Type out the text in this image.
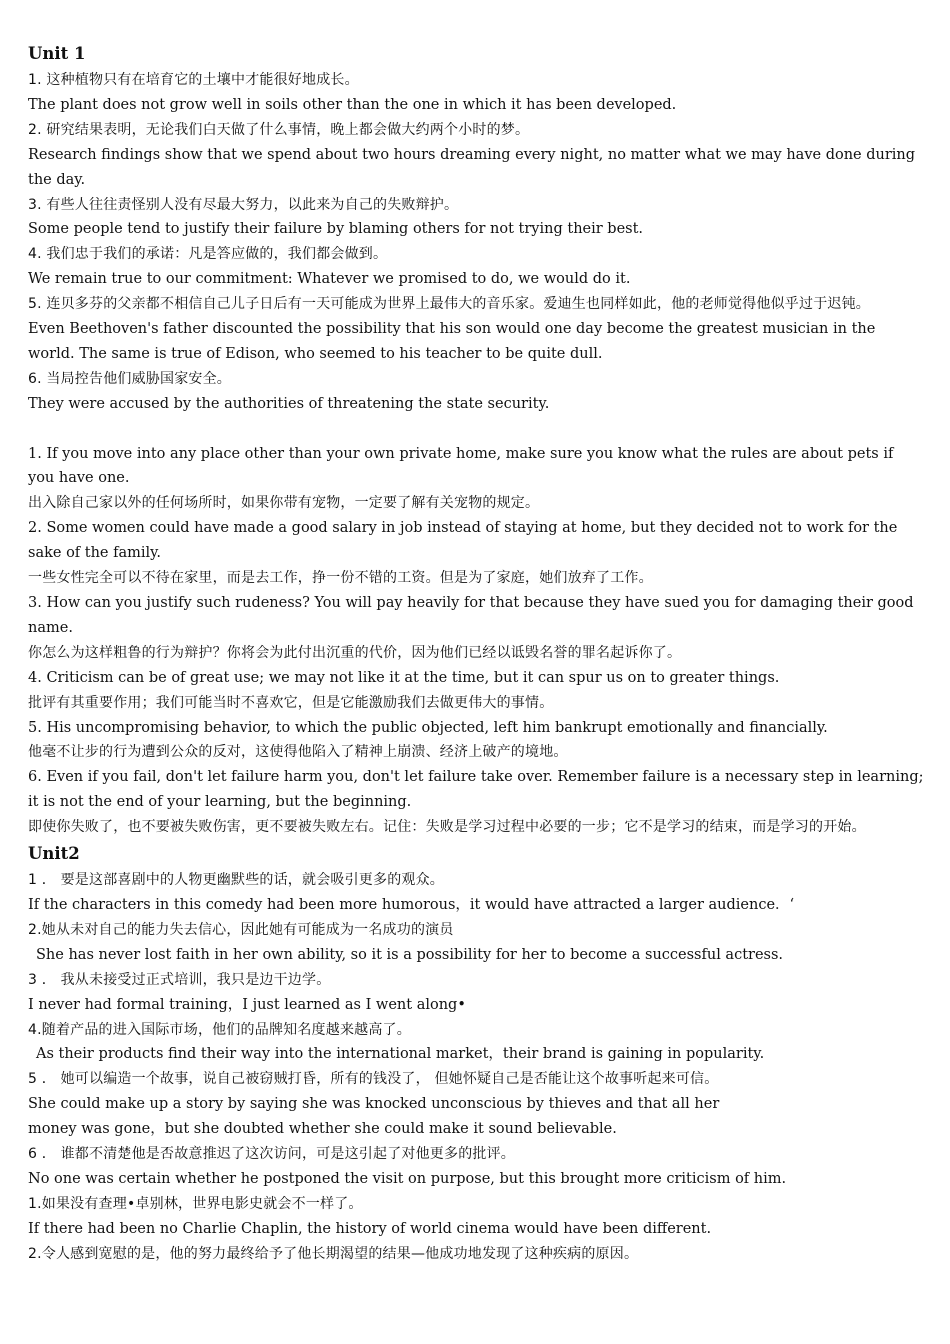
Unit 1

1. 这种植物只有在培育它的土壤中才能很好地成长。

The plant does not grow well in soils other than the one in which it has been developed.

2. 研究结果表明，无论我们白天做了什么事情，晚上都会做大约两个小时的梦。

Research findings show that we spend about two hours dreaming every night, no matter what we may have done during the day.

3. 有些人往往责怪别人没有尽最大努力，以此来为自己的失败辩护。

Some people tend to justify their failure by blaming others for not trying their best.

4. 我们忠于我们的承诺：凡是答应做的，我们都会做到。

We remain true to our commitment: Whatever we promised to do, we would do it.

5. 连贝多芬的父亲都不相信自己儿子日后有一天可能成为世界上最伟大的音乐家。爱迪生也同样如此，他的老师觉得他似乎过于迟钝。

Even Beethoven's father discounted the possibility that his son would one day become the greatest musician in the world. The same is true of Edison, who seemed to his teacher to be quite dull.

6. 当局控告他们威胁国家安全。

They were accused by the authorities of threatening the state security.

1. If you move into any place other than your own private home, make sure you know what the rules are about pets if you have one.

出入除自己家以外的任何场所时，如果你带有宠物，一定要了解有关宠物的规定。

2. Some women could have made a good salary in job instead of staying at home, but they decided not to work for the sake of the family.

一些女性完全可以不待在家里，而是去工作，挣一份不错的工资。但是为了家庭，她们放弃了工作。

3. How can you justify such rudeness? You will pay heavily for that because they have sued you for damaging their good name.

你怎么为这样粗鲁的行为辩护？你将会为此付出沉重的代价，因为他们已经以诋毁名誉的罪名起诉你了。

4. Criticism can be of great use; we may not like it at the time, but it can spur us on to greater things.

批评有其重要作用；我们可能当时不喜欢它，但是它能激励我们去做更伟大的事情。

5. His uncompromising behavior, to which the public objected, left him bankrupt emotionally and financially.

他毫不让步的行为遭到公众的反对，这使得他陷入了精神上崩溃、经济上破产的境地。

6. Even if you fail, don't let failure harm you, don't let failure take over. Remember failure is a necessary step in learning; it is not the end of your learning, but the beginning.

即使你失败了，也不要被失败伤害，更不要被失败左右。记住：失败是学习过程中必要的一步；它不是学习的结束，而是学习的开始。

Unit2

1 ． 要是这部喜剧中的人物更幽默些的话，就会吸引更多的观众。

If the characters in this comedy had been more humorous，it would have attracted a larger audience．‘

2.她从未对自己的能力失去信心，因此她有可能成为一名成功的演员

She has never lost faith in her own ability, so it is a possibility for her to become a successful actress.

3 ． 我从未接受过正式培训，我只是边干边学。

I never had formal training，I just learned as I went along•

4.随着产品的进入国际市场，他们的品牌知名度越来越高了。

As their products find their way into the international market，their brand is gaining in popularity.

5 ． 她可以编造一个故事，说自己被窃贼打昏，所有的钱没了， 但她怀疑自己是否能让这个故事听起来可信。

She could make up a story by saying she was knocked unconscious by thieves and that all her

money was gone，but she doubted whether she could make it sound believable.

6 ． 谁都不清楚他是否故意推迟了这次访问，可是这引起了对他更多的批评。

No one was certain whether he postponed the visit on purpose, but this brought more criticism of him.

1.如果没有查理•卓别林，世界电影史就会不一样了。

If there had been no Charlie Chaplin, the history of world cinema would have been different.

2.令人感到宽慰的是，他的努力最终给予了他长期渴望的结果—他成功地发现了这种疾病的原因。
